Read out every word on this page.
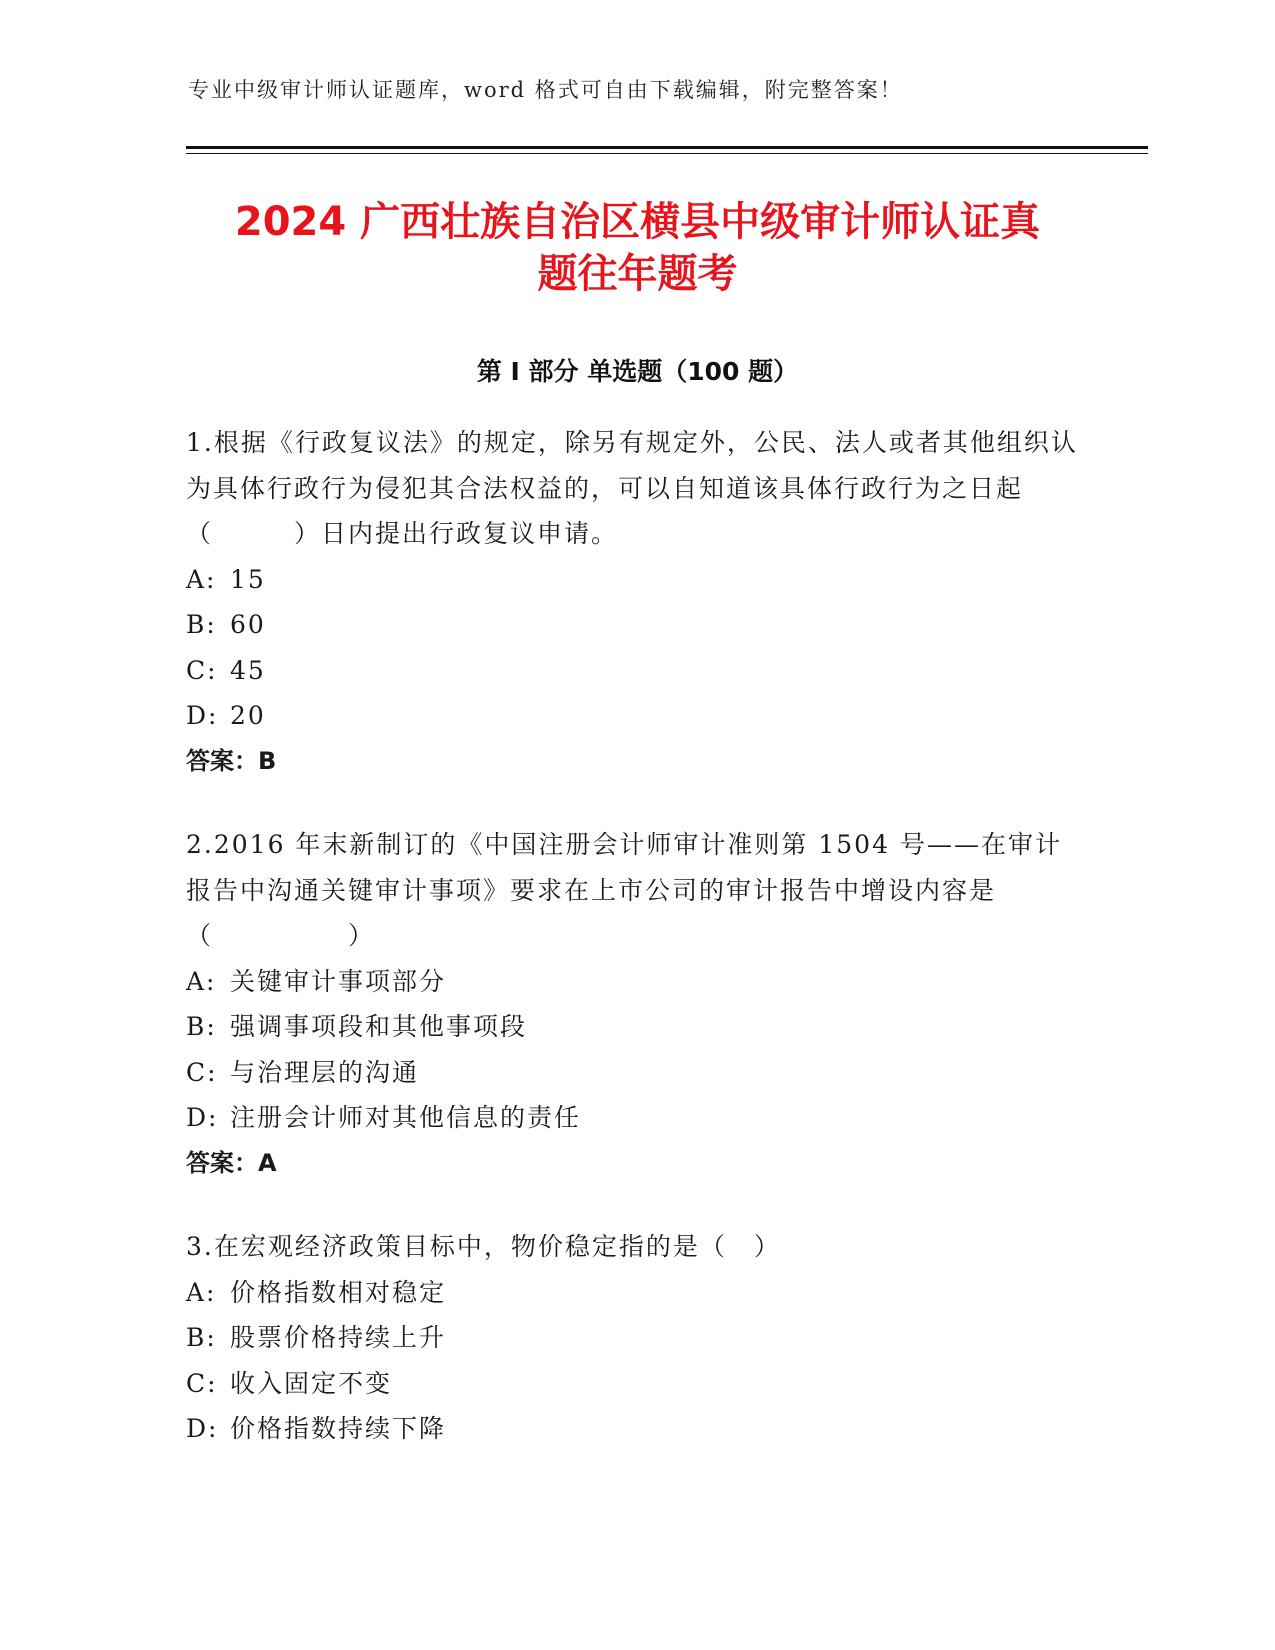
专业中级审计师认证题库，word 格式可自由下载编辑，附完整答案！
2024 广西壮族自治区横县中级审计师认证真
题往年题考
第 I 部分 单选题（100 题）

1.根据《行政复议法》的规定，除另有规定外，公民、法人或者其他组织认为具体行政行为侵犯其合法权益的，可以自知道该具体行政行为之日起（　　　）日内提出行政复议申请。

A: 15

B: 60

C: 45

D: 20

答案：B

2.2016 年末新制订的《中国注册会计师审计准则第 1504 号——在审计报告中沟通关键审计事项》要求在上市公司的审计报告中增设内容是（　　　　　）

A: 关键审计事项部分

B: 强调事项段和其他事项段

C: 与治理层的沟通

D: 注册会计师对其他信息的责任

答案：A

3.在宏观经济政策目标中，物价稳定指的是（　）

A: 价格指数相对稳定

B: 股票价格持续上升

C: 收入固定不变

D: 价格指数持续下降
